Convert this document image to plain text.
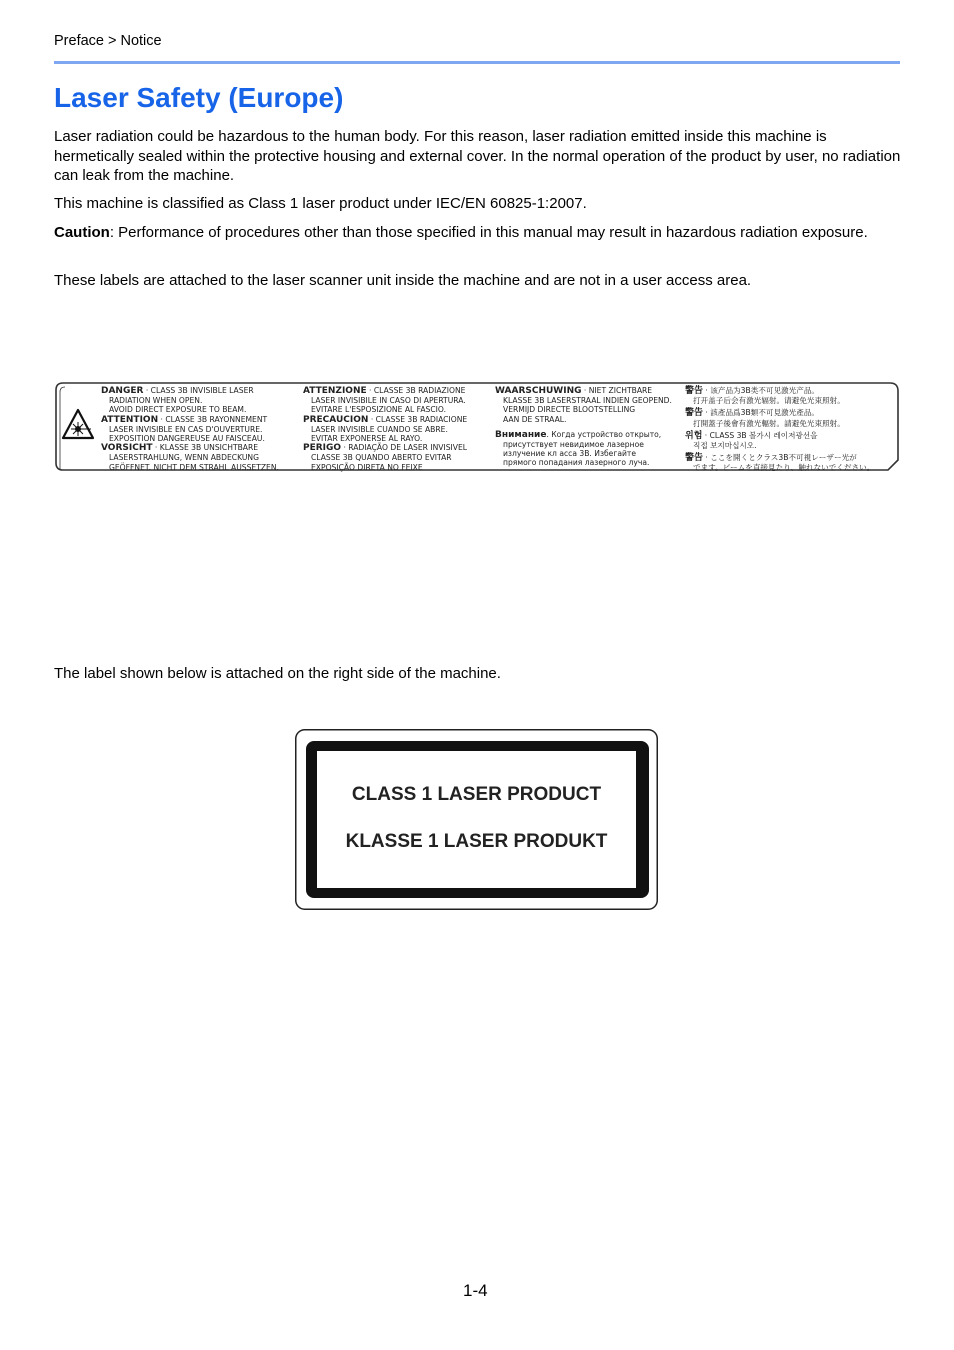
Preface > Notice
Laser Safety (Europe)

Laser radiation could be hazardous to the human body. For this reason, laser radiation emitted inside this machine is hermetically sealed within the protective housing and external cover. In the normal operation of the product by user, no radiation can leak from the machine.

This machine is classified as Class 1 laser product under IEC/EN 60825-1:2007.

Caution: Performance of procedures other than those specified in this manual may result in hazardous radiation exposure.

These labels are attached to the laser scanner unit inside the machine and are not in a user access area.

DANGER · CLASS 3B INVISIBLE LASER
RADIATION WHEN OPEN.
AVOID DIRECT EXPOSURE TO BEAM.
ATTENTION · CLASSE 3B RAYONNEMENT
LASER INVISIBLE EN CAS D'OUVERTURE.
EXPOSITION DANGEREUSE AU FAISCEAU.
VORSICHT · KLASSE 3B UNSICHTBARE
LASERSTRAHLUNG, WENN ABDECKUNG
GEÖFFNET. NICHT DEM STRAHL AUSSETZEN.
ATTENZIONE · CLASSE 3B RADIAZIONE
LASER INVISIBILE IN CASO DI APERTURA.
EVITARE L'ESPOSIZIONE AL FASCIO.
PRECAUCION · CLASSE 3B RADIACIONE
LASER INVISIBLE CUANDO SE ABRE.
EVITAR EXPONERSE AL RAYO.
PERIGO · RADIAÇÃO DE LASER INVISIVEL
CLASSE 3B QUANDO ABERTO EVITAR
EXPOSIÇÃO DIRETA NO FEIXE
WAARSCHUWING · NIET ZICHTBARE
KLASSE 3B LASERSTRAAL INDIEN GEOPEND.
VERMIJD DIRECTE BLOOTSTELLING
AAN DE STRAAL.
Внимание. Когда устройство открыто,
присутствует невидимое лазерное
излучение кл асса 3В. Избегайте
прямого попадания лазерного луча.
警告 · 该产品为3B类不可见激光产品。
打开盖子后会有激光辐射。请避免光束照射。
警告 · 該產品爲3B類不可見激光產品。
打開蓋子後會有激光輻射。請避免光束照射。
위험 · CLASS 3B 볼가시 레이저광선을
직접 보지마십시오.
警告 · ここを開くとクラス3B不可視レーザー光が
でます。ビームを直接見たり、触れないでください。

The label shown below is attached on the right side of the machine.

CLASS 1 LASER PRODUCT
KLASSE 1 LASER PRODUKT
1-4
